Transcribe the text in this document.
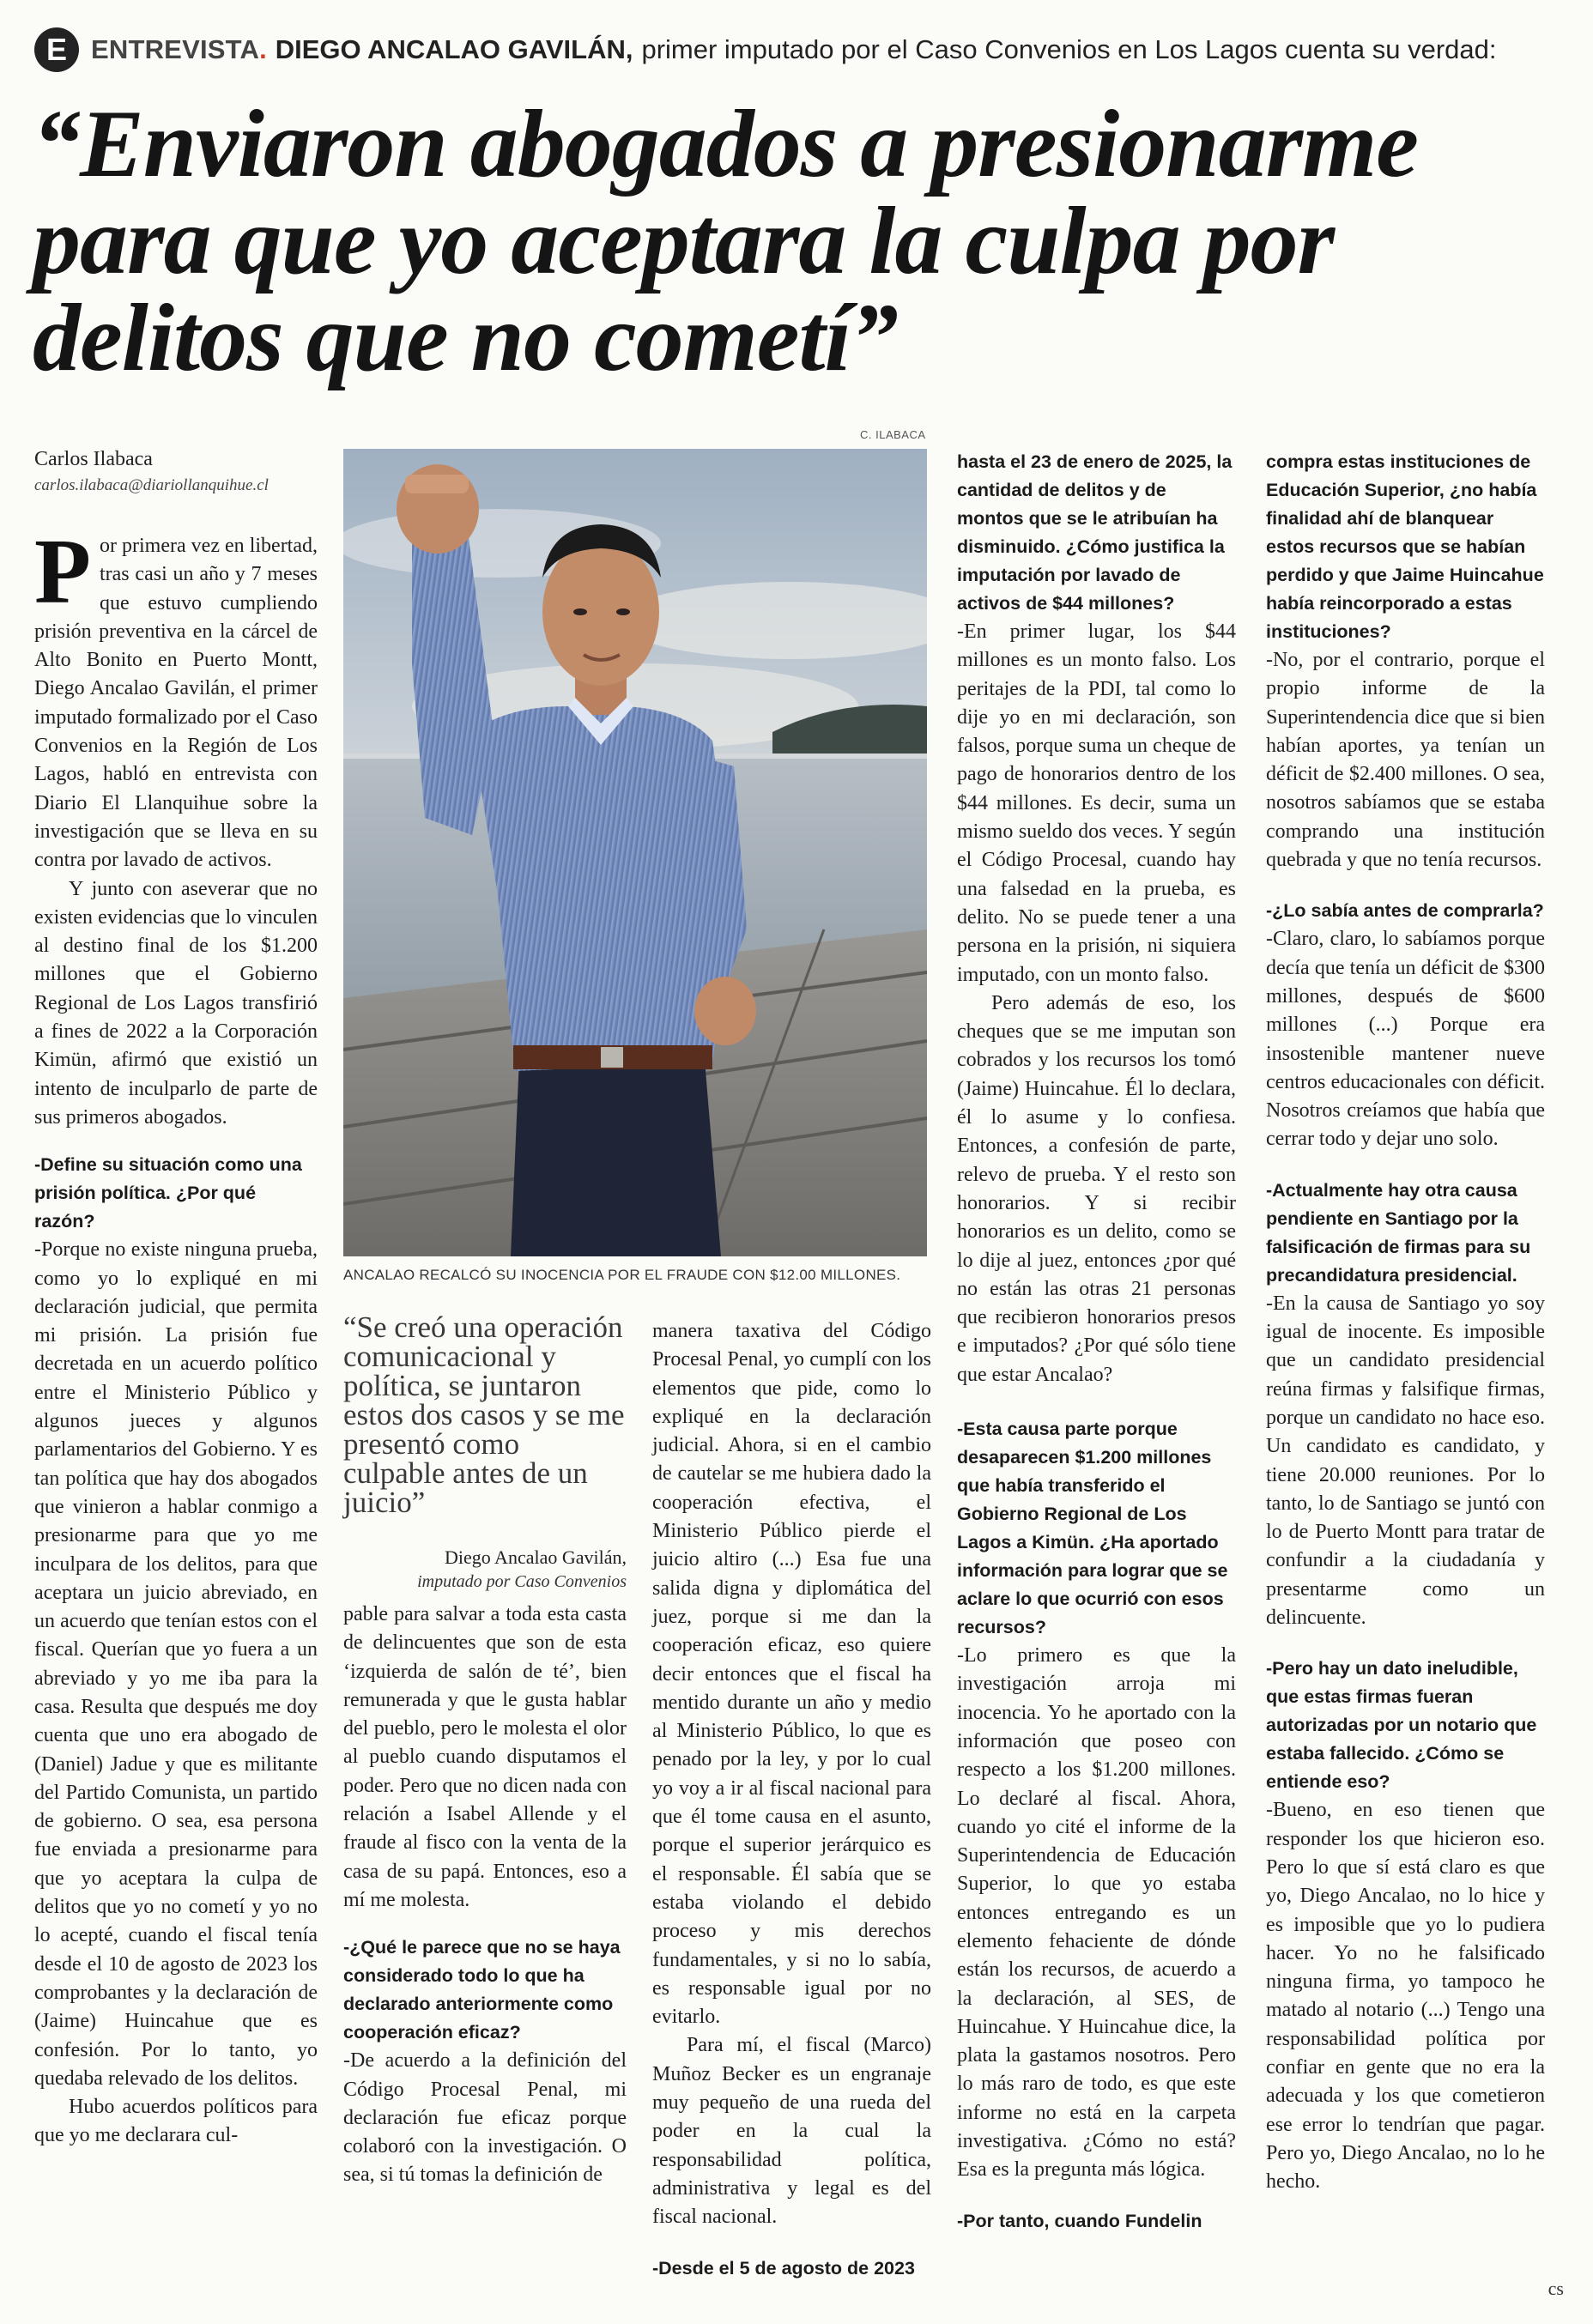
E ENTREVISTA . DIEGO ANCALAO GAVILÁN, primer imputado por el Caso Convenios en Los Lagos cuenta su verdad:
“Enviaron abogados a presionarme para que yo aceptara la culpa por delitos que no cometí”
Carlos Ilabaca
carlos.ilabaca@diariollanquihue.cl
C. ILABACA
ANCALAO RECALCÓ SU INOCENCIA POR EL FRAUDE CON $12.00 MILLONES.

Por primera vez en libertad, tras casi un año y 7 meses que estuvo cumpliendo prisión preventiva en la cárcel de Alto Bonito en Puerto Montt, Diego Ancalao Gavilán, el primer imputado formalizado por el Caso Convenios en la Región de Los Lagos, habló en entrevista con Diario El Llanquihue sobre la investigación que se lleva en su contra por lavado de activos.

Y junto con aseverar que no existen evidencias que lo vinculen al destino final de los $1.200 millones que el Gobierno Regional de Los Lagos transfirió a fines de 2022 a la Corporación Kimün, afirmó que existió un intento de inculparlo de parte de sus primeros abogados.

-Define su situación como una prisión política. ¿Por qué razón?

-Porque no existe ninguna prueba, como yo lo expliqué en mi declaración judicial, que permita mi prisión. La prisión fue decretada en un acuerdo político entre el Ministerio Público y algunos jueces y algunos parlamentarios del Gobierno. Y es tan política que hay dos abogados que vinieron a hablar conmigo a presionarme para que yo me inculpara de los delitos, para que aceptara un juicio abreviado, en un acuerdo que tenían estos con el fiscal. Querían que yo fuera a un abreviado y yo me iba para la casa. Resulta que después me doy cuenta que uno era abogado de (Daniel) Jadue y que es militante del Partido Comunista, un partido de gobierno. O sea, esa persona fue enviada a presionarme para que yo aceptara la culpa de delitos que yo no cometí y yo no lo acepté, cuando el fiscal tenía desde el 10 de agosto de 2023 los comprobantes y la declaración de (Jaime) Huincahue que es confesión. Por lo tanto, yo quedaba relevado de los delitos.

Hubo acuerdos políticos para que yo me declarara cul-

“Se creó una operación comunicacional y política, se juntaron estos dos casos y se me presentó como culpable antes de un juicio”
Diego Ancalao Gavilán,
imputado por Caso Convenios

pable para salvar a toda esta casta de delincuentes que son de esta ‘izquierda de salón de té’, bien remunerada y que le gusta hablar del pueblo, pero le molesta el olor al pueblo cuando disputamos el poder. Pero que no dicen nada con relación a Isabel Allende y el fraude al fisco con la venta de la casa de su papá. Entonces, eso a mí me molesta.

-¿Qué le parece que no se haya considerado todo lo que ha declarado anteriormente como cooperación eficaz?

-De acuerdo a la definición del Código Procesal Penal, mi declaración fue eficaz porque colaboró con la investigación. O sea, si tú tomas la definición de

manera taxativa del Código Procesal Penal, yo cumplí con los elementos que pide, como lo expliqué en la declaración judicial. Ahora, si en el cambio de cautelar se me hubiera dado la cooperación efectiva, el Ministerio Público pierde el juicio altiro (...) Esa fue una salida digna y diplomática del juez, porque si me dan la cooperación eficaz, eso quiere decir entonces que el fiscal ha mentido durante un año y medio al Ministerio Público, lo que es penado por la ley, y por lo cual yo voy a ir al fiscal nacional para que él tome causa en el asunto, porque el superior jerárquico es el responsable. Él sabía que se estaba violando el debido proceso y mis derechos fundamentales, y si no lo sabía, es responsable igual por no evitarlo.

Para mí, el fiscal (Marco) Muñoz Becker es un engranaje muy pequeño de una rueda del poder en la cual la responsabilidad política, administrativa y legal es del fiscal nacional.

-Desde el 5 de agosto de 2023

hasta el 23 de enero de 2025, la cantidad de delitos y de montos que se le atribuían ha disminuido. ¿Cómo justifica la imputación por lavado de activos de $44 millones?

-En primer lugar, los $44 millones es un monto falso. Los peritajes de la PDI, tal como lo dije yo en mi declaración, son falsos, porque suma un cheque de pago de honorarios dentro de los $44 millones. Es decir, suma un mismo sueldo dos veces. Y según el Código Procesal, cuando hay una falsedad en la prueba, es delito. No se puede tener a una persona en la prisión, ni siquiera imputado, con un monto falso.

Pero además de eso, los cheques que se me imputan son cobrados y los recursos los tomó (Jaime) Huincahue. Él lo declara, él lo asume y lo confiesa. Entonces, a confesión de parte, relevo de prueba. Y el resto son honorarios. Y si recibir honorarios es un delito, como se lo dije al juez, entonces ¿por qué no están las otras 21 personas que recibieron honorarios presos e imputados? ¿Por qué sólo tiene que estar Ancalao?

-Esta causa parte porque desaparecen $1.200 millones que había transferido el Gobierno Regional de Los Lagos a Kimün. ¿Ha aportado información para lograr que se aclare lo que ocurrió con esos recursos?

-Lo primero es que la investigación arroja mi inocencia. Yo he aportado con la información que poseo con respecto a los $1.200 millones. Lo declaré al fiscal. Ahora, cuando yo cité el informe de la Superintendencia de Educación Superior, lo que yo estaba entonces entregando es un elemento fehaciente de dónde están los recursos, de acuerdo a la declaración, al SES, de Huincahue. Y Huincahue dice, la plata la gastamos nosotros. Pero lo más raro de todo, es que este informe no está en la carpeta investigativa. ¿Cómo no está? Esa es la pregunta más lógica.

-Por tanto, cuando Fundelin

compra estas instituciones de Educación Superior, ¿no había finalidad ahí de blanquear estos recursos que se habían perdido y que Jaime Huincahue había reincorporado a estas instituciones?

-No, por el contrario, porque el propio informe de la Superintendencia dice que si bien habían aportes, ya tenían un déficit de $2.400 millones. O sea, nosotros sabíamos que se estaba comprando una institución quebrada y que no tenía recursos.

-¿Lo sabía antes de comprarla?

-Claro, claro, lo sabíamos porque decía que tenía un déficit de $300 millones, después de $600 millones (...) Porque era insostenible mantener nueve centros educacionales con déficit. Nosotros creíamos que había que cerrar todo y dejar uno solo.

-Actualmente hay otra causa pendiente en Santiago por la falsificación de firmas para su precandidatura presidencial.

-En la causa de Santiago yo soy igual de inocente. Es imposible que un candidato presidencial reúna firmas y falsifique firmas, porque un candidato no hace eso. Un candidato es candidato, y tiene 20.000 reuniones. Por lo tanto, lo de Santiago se juntó con lo de Puerto Montt para tratar de confundir a la ciudadanía y presentarme como un delincuente.

-Pero hay un dato ineludible, que estas firmas fueran autorizadas por un notario que estaba fallecido. ¿Cómo se entiende eso?

-Bueno, en eso tienen que responder los que hicieron eso. Pero lo que sí está claro es que yo, Diego Ancalao, no lo hice y es imposible que yo lo pudiera hacer. Yo no he falsificado ninguna firma, yo tampoco he matado al notario (...) Tengo una responsabilidad política por confiar en gente que no era la adecuada y los que cometieron ese error lo tendrían que pagar. Pero yo, Diego Ancalao, no lo he hecho.

cs
